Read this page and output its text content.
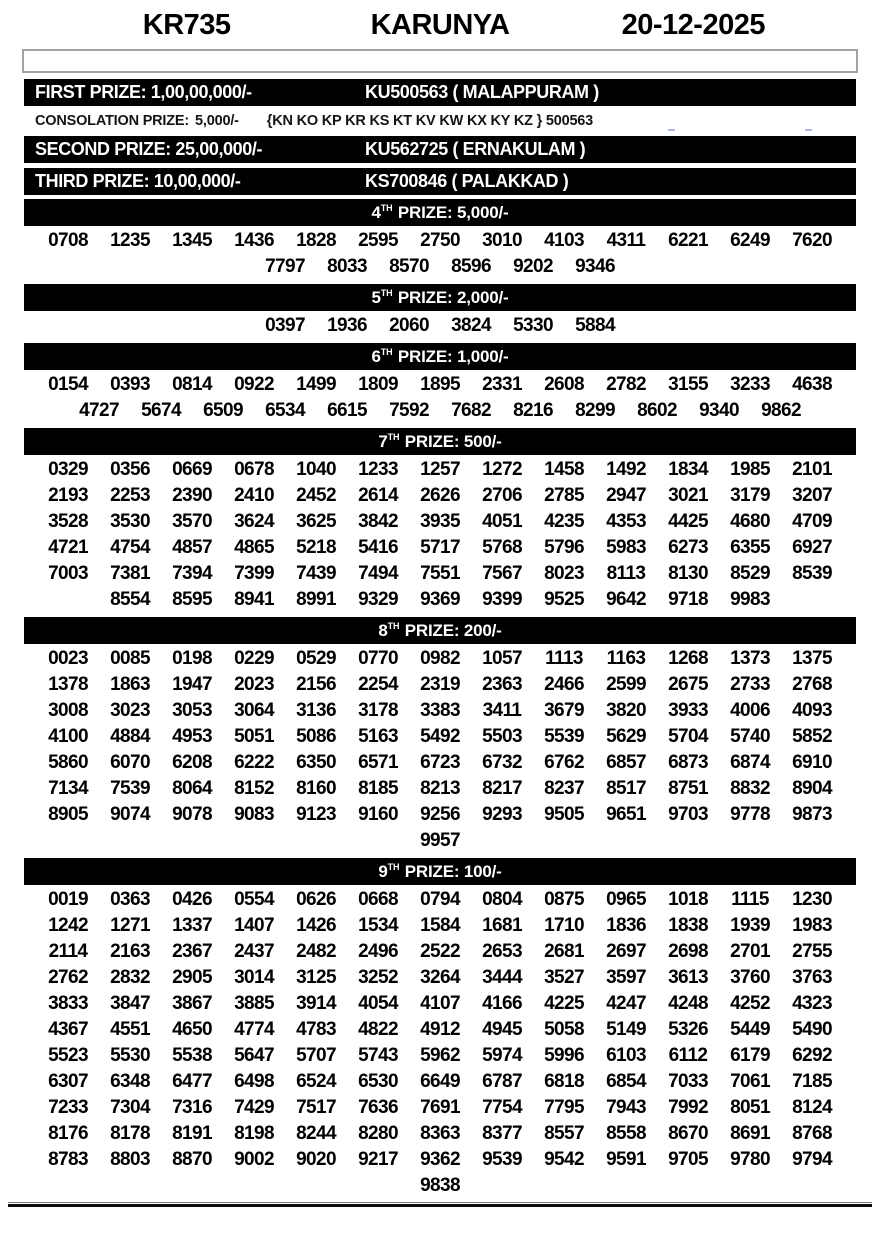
KR735	KARUNYA	20-12-2025
FIRST PRIZE: 1,00,00,000/-	KU500563 ( MALAPPURAM )
CONSOLATION PRIZE: 5,000/- {KN KO KP KR KS KT KV KW KX KY KZ } 500563
SECOND PRIZE: 25,00,000/-	KU562725 ( ERNAKULAM )
THIRD PRIZE: 10,00,000/-	KS700846 ( PALAKKAD )
4TH PRIZE: 5,000/-
0708	1235	1345	1436	1828	2595	2750	3010	4103	4311	6221	6249	7620
7797	8033	8570	8596	9202	9346
5TH PRIZE: 2,000/-
0397	1936	2060	3824	5330	5884
6TH PRIZE: 1,000/-
0154	0393	0814	0922	1499	1809	1895	2331	2608	2782	3155	3233	4638
4727	5674	6509	6534	6615	7592	7682	8216	8299	8602	9340	9862
7TH PRIZE: 500/-
0329	0356	0669	0678	1040	1233	1257	1272	1458	1492	1834	1985	2101
2193	2253	2390	2410	2452	2614	2626	2706	2785	2947	3021	3179	3207
3528	3530	3570	3624	3625	3842	3935	4051	4235	4353	4425	4680	4709
4721	4754	4857	4865	5218	5416	5717	5768	5796	5983	6273	6355	6927
7003	7381	7394	7399	7439	7494	7551	7567	8023	8113	8130	8529	8539
8554	8595	8941	8991	9329	9369	9399	9525	9642	9718	9983
8TH PRIZE: 200/-
0023	0085	0198	0229	0529	0770	0982	1057	1113	1163	1268	1373	1375
1378	1863	1947	2023	2156	2254	2319	2363	2466	2599	2675	2733	2768
3008	3023	3053	3064	3136	3178	3383	3411	3679	3820	3933	4006	4093
4100	4884	4953	5051	5086	5163	5492	5503	5539	5629	5704	5740	5852
5860	6070	6208	6222	6350	6571	6723	6732	6762	6857	6873	6874	6910
7134	7539	8064	8152	8160	8185	8213	8217	8237	8517	8751	8832	8904
8905	9074	9078	9083	9123	9160	9256	9293	9505	9651	9703	9778	9873
9957
9TH PRIZE: 100/-
0019	0363	0426	0554	0626	0668	0794	0804	0875	0965	1018	1115	1230
1242	1271	1337	1407	1426	1534	1584	1681	1710	1836	1838	1939	1983
2114	2163	2367	2437	2482	2496	2522	2653	2681	2697	2698	2701	2755
2762	2832	2905	3014	3125	3252	3264	3444	3527	3597	3613	3760	3763
3833	3847	3867	3885	3914	4054	4107	4166	4225	4247	4248	4252	4323
4367	4551	4650	4774	4783	4822	4912	4945	5058	5149	5326	5449	5490
5523	5530	5538	5647	5707	5743	5962	5974	5996	6103	6112	6179	6292
6307	6348	6477	6498	6524	6530	6649	6787	6818	6854	7033	7061	7185
7233	7304	7316	7429	7517	7636	7691	7754	7795	7943	7992	8051	8124
8176	8178	8191	8198	8244	8280	8363	8377	8557	8558	8670	8691	8768
8783	8803	8870	9002	9020	9217	9362	9539	9542	9591	9705	9780	9794
9838
